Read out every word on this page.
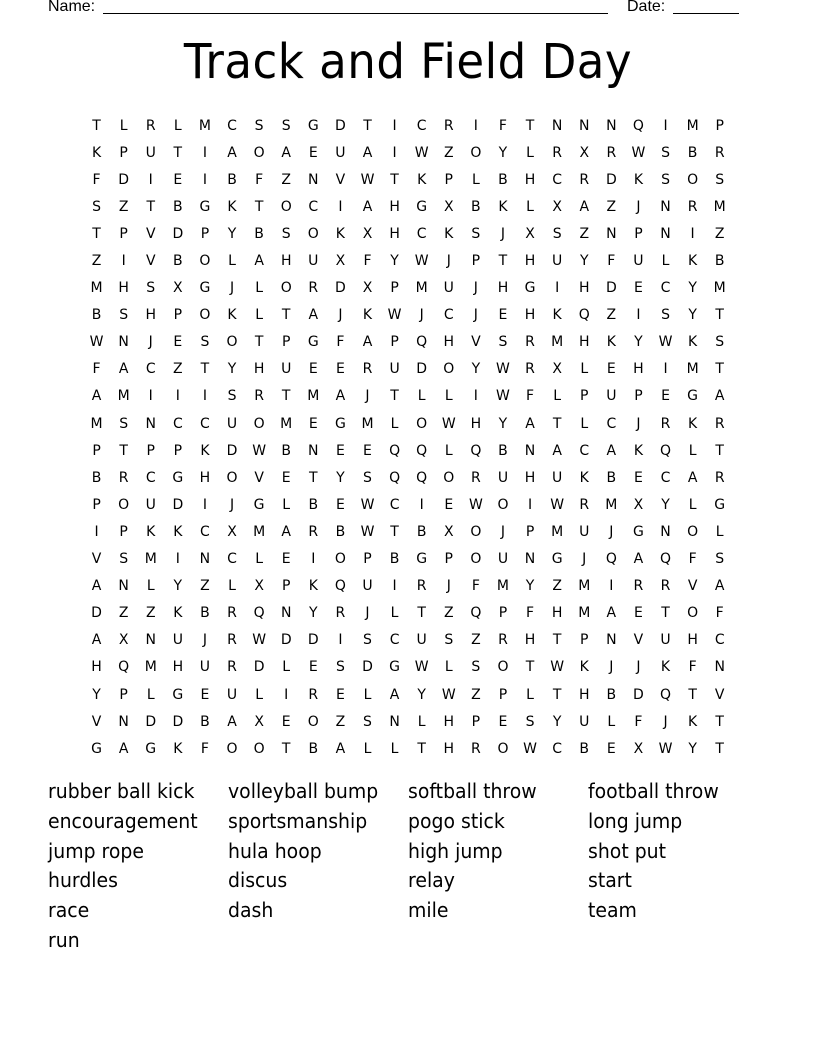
Name:	Date:
Track and Field Day
T	L	R	L	M	C	S	S	G	D	T	I	C	R	I	F	T	N	N	N	Q	I	M	P
K	P	U	T	I	A	O	A	E	U	A	I	W	Z	O	Y	L	R	X	R	W	S	B	R
F	D	I	E	I	B	F	Z	N	V	W	T	K	P	L	B	H	C	R	D	K	S	O	S
S	Z	T	B	G	K	T	O	C	I	A	H	G	X	B	K	L	X	A	Z	J	N	R	M
T	P	V	D	P	Y	B	S	O	K	X	H	C	K	S	J	X	S	Z	N	P	N	I	Z
Z	I	V	B	O	L	A	H	U	X	F	Y	W	J	P	T	H	U	Y	F	U	L	K	B
M	H	S	X	G	J	L	O	R	D	X	P	M	U	J	H	G	I	H	D	E	C	Y	M
B	S	H	P	O	K	L	T	A	J	K	W	J	C	J	E	H	K	Q	Z	I	S	Y	T
W	N	J	E	S	O	T	P	G	F	A	P	Q	H	V	S	R	M	H	K	Y	W	K	S
F	A	C	Z	T	Y	H	U	E	E	R	U	D	O	Y	W	R	X	L	E	H	I	M	T
A	M	I	I	I	S	R	T	M	A	J	T	L	L	I	W	F	L	P	U	P	E	G	A
M	S	N	C	C	U	O	M	E	G	M	L	O	W	H	Y	A	T	L	C	J	R	K	R
P	T	P	P	K	D	W	B	N	E	E	Q	Q	L	Q	B	N	A	C	A	K	Q	L	T
B	R	C	G	H	O	V	E	T	Y	S	Q	Q	O	R	U	H	U	K	B	E	C	A	R
P	O	U	D	I	J	G	L	B	E	W	C	I	E	W	O	I	W	R	M	X	Y	L	G
I	P	K	K	C	X	M	A	R	B	W	T	B	X	O	J	P	M	U	J	G	N	O	L
V	S	M	I	N	C	L	E	I	O	P	B	G	P	O	U	N	G	J	Q	A	Q	F	S
A	N	L	Y	Z	L	X	P	K	Q	U	I	R	J	F	M	Y	Z	M	I	R	R	V	A
D	Z	Z	K	B	R	Q	N	Y	R	J	L	T	Z	Q	P	F	H	M	A	E	T	O	F
A	X	N	U	J	R	W	D	D	I	S	C	U	S	Z	R	H	T	P	N	V	U	H	C
H	Q	M	H	U	R	D	L	E	S	D	G	W	L	S	O	T	W	K	J	J	K	F	N
Y	P	L	G	E	U	L	I	R	E	L	A	Y	W	Z	P	L	T	H	B	D	Q	T	V
V	N	D	D	B	A	X	E	O	Z	S	N	L	H	P	E	S	Y	U	L	F	J	K	T
G	A	G	K	F	O	O	T	B	A	L	L	T	H	R	O	W	C	B	E	X	W	Y	T
rubber ball kick	volleyball bump	softball throw	football throw
encouragement	sportsmanship	pogo stick	long jump
jump rope	hula hoop	high jump	shot put
hurdles	discus	relay	start
race	dash	mile	team
run
